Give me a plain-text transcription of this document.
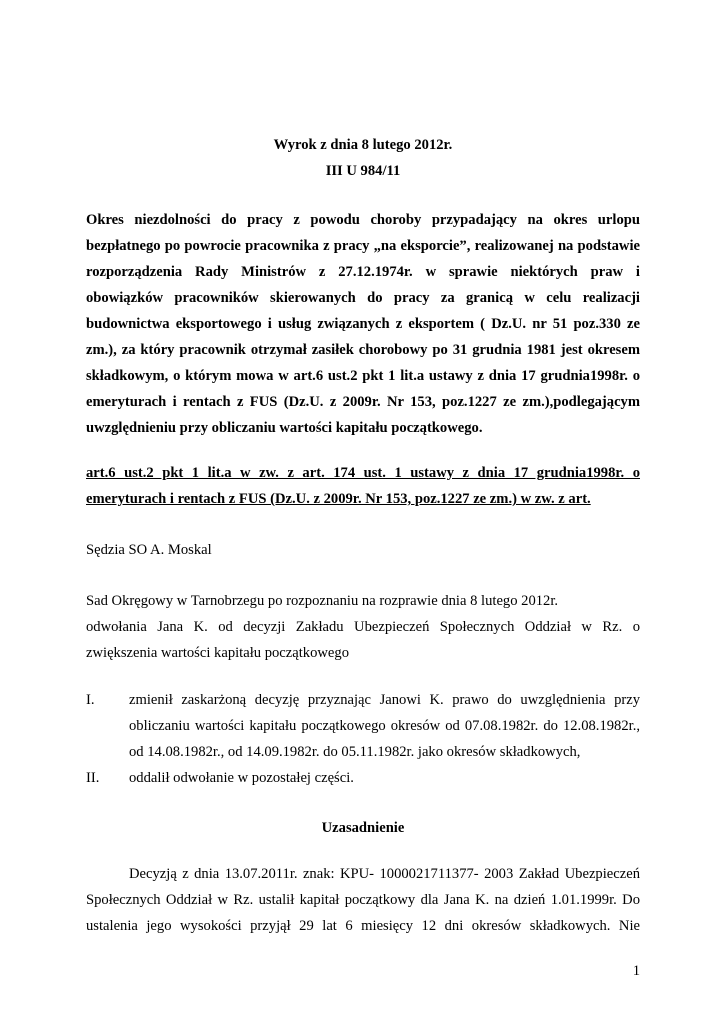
Wyrok z dnia 8 lutego 2012r.
III U 984/11
Okres niezdolności do pracy z powodu choroby przypadający na okres urlopu
bezpłatnego po powrocie pracownika z pracy „na eksporcie”, realizowanej na podstawie
rozporządzenia Rady Ministrów z 27.12.1974r. w sprawie niektórych praw i
obowiązków pracowników skierowanych do pracy za granicą w celu realizacji
budownictwa eksportowego i usług związanych z eksportem ( Dz.U. nr 51 poz.330 ze
zm.), za który pracownik otrzymał zasiłek chorobowy po 31 grudnia 1981 jest okresem
składkowym, o którym mowa w art.6 ust.2 pkt 1 lit.a ustawy z dnia 17 grudnia1998r. o
emeryturach i rentach z FUS (Dz.U. z 2009r. Nr 153, poz.1227 ze zm.),podlegającym
uwzględnieniu przy obliczaniu wartości kapitału początkowego.
art.6 ust.2 pkt 1 lit.a w zw. z art. 174 ust. 1 ustawy z dnia 17 grudnia1998r. o
emeryturach i rentach z FUS (Dz.U. z 2009r. Nr 153, poz.1227 ze zm.) w zw. z art.
Sędzia SO A. Moskal
Sad Okręgowy w Tarnobrzegu po rozpoznaniu na rozprawie dnia 8 lutego 2012r.
odwołania Jana K. od decyzji Zakładu Ubezpieczeń Społecznych Oddział w Rz. o
zwiększenia wartości kapitału początkowego
I. zmienił zaskarżoną decyzję przyznając Janowi K. prawo do uwzględnienia przy
obliczaniu wartości kapitału początkowego okresów od 07.08.1982r. do 12.08.1982r.,
od 14.08.1982r., od 14.09.1982r. do 05.11.1982r. jako okresów składkowych,
II. oddalił odwołanie w pozostałej części.
Uzasadnienie
Decyzją z dnia 13.07.2011r. znak: KPU- 1000021711377- 2003 Zakład Ubezpieczeń
Społecznych Oddział w Rz. ustalił kapitał początkowy dla Jana K. na dzień 1.01.1999r. Do
ustalenia jego wysokości przyjął 29 lat 6 miesięcy 12 dni okresów składkowych. Nie
1
